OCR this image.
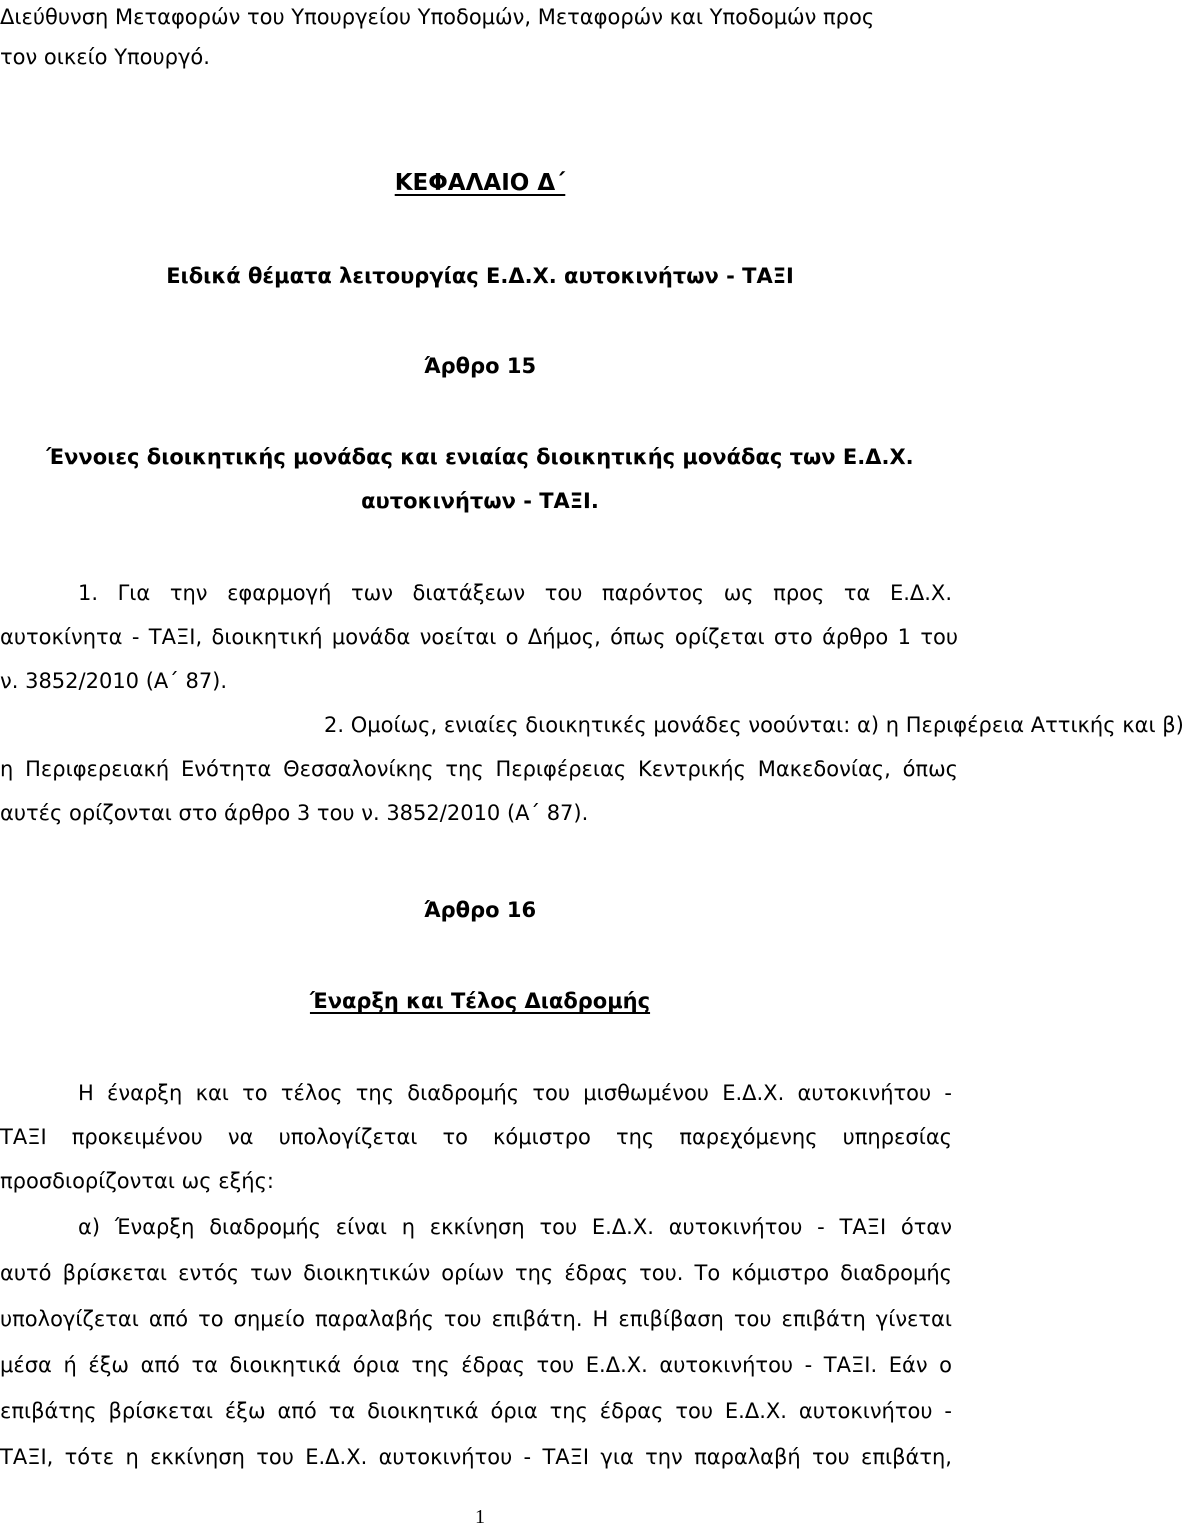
Διεύθυνση Μεταφορών του Υπουργείου Υποδομών, Μεταφορών και Υποδομών προς
τον οικείο Υπουργό.
ΚΕΦΑΛΑΙΟ Δ΄
Ειδικά θέματα λειτουργίας Ε.Δ.Χ. αυτοκινήτων - ΤΑΞΙ
Άρθρο 15
Έννοιες διοικητικής μονάδας και ενιαίας διοικητικής μονάδας των Ε.Δ.Χ.
αυτοκινήτων - ΤΑΞΙ.
1. Για την εφαρμογή των διατάξεων του παρόντος ως προς τα Ε.Δ.Χ.
αυτοκίνητα - ΤΑΞΙ, διοικητική μονάδα νοείται ο Δήμος, όπως ορίζεται στο άρθρο 1 του
ν. 3852/2010 (Α΄ 87).
2. Ομοίως, ενιαίες διοικητικές μονάδες νοούνται: α) η Περιφέρεια Αττικής και β)
η Περιφερειακή Ενότητα Θεσσαλονίκης της Περιφέρειας Κεντρικής Μακεδονίας, όπως
αυτές ορίζονται στο άρθρο 3 του ν. 3852/2010 (Α΄ 87).
Άρθρο 16
Έναρξη και Τέλος Διαδρομής
Η έναρξη και το τέλος της διαδρομής του μισθωμένου Ε.Δ.Χ. αυτοκινήτου -
ΤΑΞΙ προκειμένου να υπολογίζεται το κόμιστρο της παρεχόμενης υπηρεσίας
προσδιορίζονται ως εξής:
α) Έναρξη διαδρομής είναι η εκκίνηση του Ε.Δ.Χ. αυτοκινήτου - ΤΑΞΙ όταν
αυτό βρίσκεται εντός των διοικητικών ορίων της έδρας του. Το κόμιστρο διαδρομής
υπολογίζεται από το σημείο παραλαβής του επιβάτη. Η επιβίβαση του επιβάτη γίνεται
μέσα ή έξω από τα διοικητικά όρια της έδρας του Ε.Δ.Χ. αυτοκινήτου - ΤΑΞΙ. Εάν ο
επιβάτης βρίσκεται έξω από τα διοικητικά όρια της έδρας του Ε.Δ.Χ. αυτοκινήτου -
ΤΑΞΙ, τότε η εκκίνηση του Ε.Δ.Χ. αυτοκινήτου - ΤΑΞΙ για την παραλαβή του επιβάτη,
1
